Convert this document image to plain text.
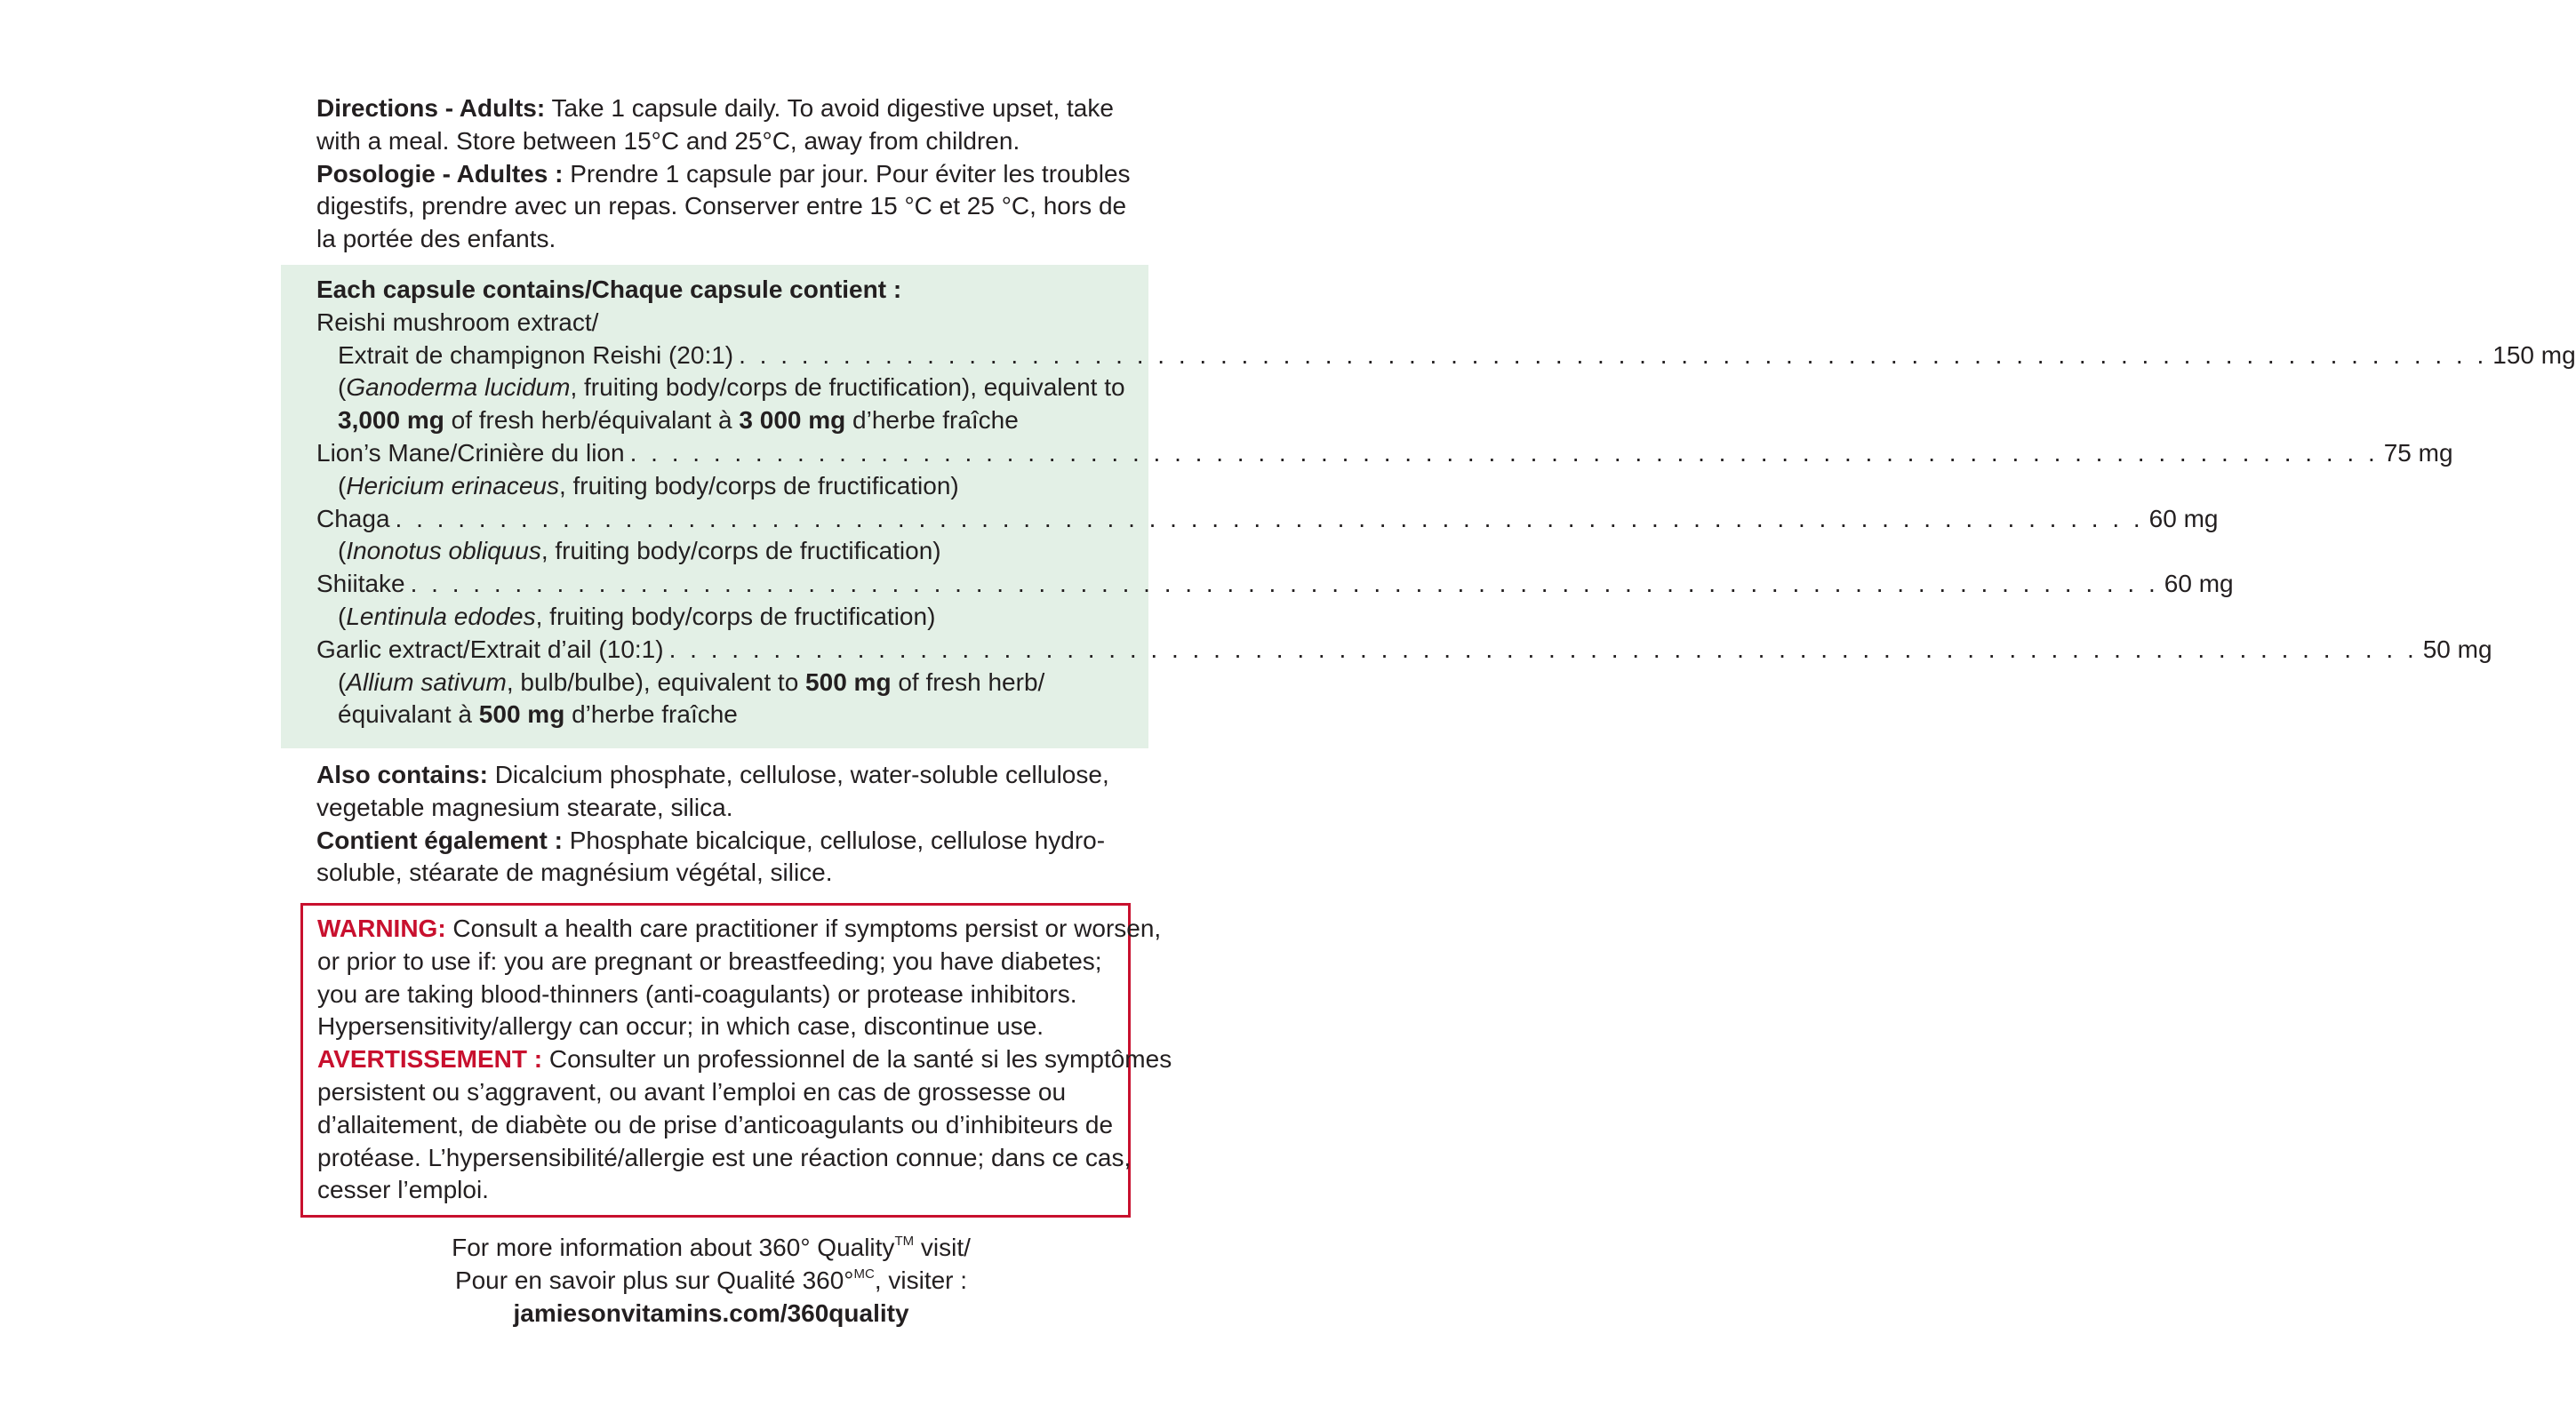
Directions - Adults: Take 1 capsule daily. To avoid digestive upset, take
with a meal. Store between 15°C and 25°C, away from children.
Posologie - Adultes : Prendre 1 capsule par jour. Pour éviter les troubles
digestifs, prendre avec un repas. Conserver entre 15 °C et 25 °C, hors de
la portée des enfants.
Each capsule contains/Chaque capsule contient :
Reishi mushroom extract/
Extrait de champignon Reishi (20:1) . . . . . . . . . . . . . . . . . . . . . . . . . . . . . . . . . . . . . . . . . . . . . . . . . . . . . . . . . . . . . . . . . . . . . . . . . . . . . . . . . . . . 150 mg
(Ganoderma lucidum, fruiting body/corps de fructification), equivalent to
3,000 mg of fresh herb/équivalant à 3 000 mg d’herbe fraîche
Lion’s Mane/Crinière du lion . . . . . . . . . . . . . . . . . . . . . . . . . . . . . . . . . . . . . . . . . . . . . . . . . . . . . . . . . . . . . . . . . . . . . . . . . . . . . . . . . . . . 75 mg
(Hericium erinaceus, fruiting body/corps de fructification)
Chaga . . . . . . . . . . . . . . . . . . . . . . . . . . . . . . . . . . . . . . . . . . . . . . . . . . . . . . . . . . . . . . . . . . . . . . . . . . . . . . . . . . . . 60 mg
(Inonotus obliquus, fruiting body/corps de fructification)
Shiitake . . . . . . . . . . . . . . . . . . . . . . . . . . . . . . . . . . . . . . . . . . . . . . . . . . . . . . . . . . . . . . . . . . . . . . . . . . . . . . . . . . . . 60 mg
(Lentinula edodes, fruiting body/corps de fructification)
Garlic extract/Extrait d’ail (10:1) . . . . . . . . . . . . . . . . . . . . . . . . . . . . . . . . . . . . . . . . . . . . . . . . . . . . . . . . . . . . . . . . . . . . . . . . . . . . . . . . . . . . 50 mg
(Allium sativum, bulb/bulbe), equivalent to 500 mg of fresh herb/
équivalant à 500 mg d’herbe fraîche
Also contains: Dicalcium phosphate, cellulose, water-soluble cellulose,
vegetable magnesium stearate, silica.
Contient également : Phosphate bicalcique, cellulose, cellulose hydro-
soluble, stéarate de magnésium végétal, silice.
WARNING: Consult a health care practitioner if symptoms persist or worsen,
or prior to use if: you are pregnant or breastfeeding; you have diabetes;
you are taking blood-thinners (anti-coagulants) or protease inhibitors.
Hypersensitivity/allergy can occur; in which case, discontinue use.
AVERTISSEMENT : Consulter un professionnel de la santé si les symptômes
persistent ou s’aggravent, ou avant l’emploi en cas de grossesse ou
d’allaitement, de diabète ou de prise d’anticoagulants ou d’inhibiteurs de
protéase. L’hypersensibilité/allergie est une réaction connue; dans ce cas,
cesser l’emploi.
For more information about 360° Quality™ visit/
Pour en savoir plus sur Qualité 360°$^{MC}$, visiter :
jamiesonvitamins.com/360quality
